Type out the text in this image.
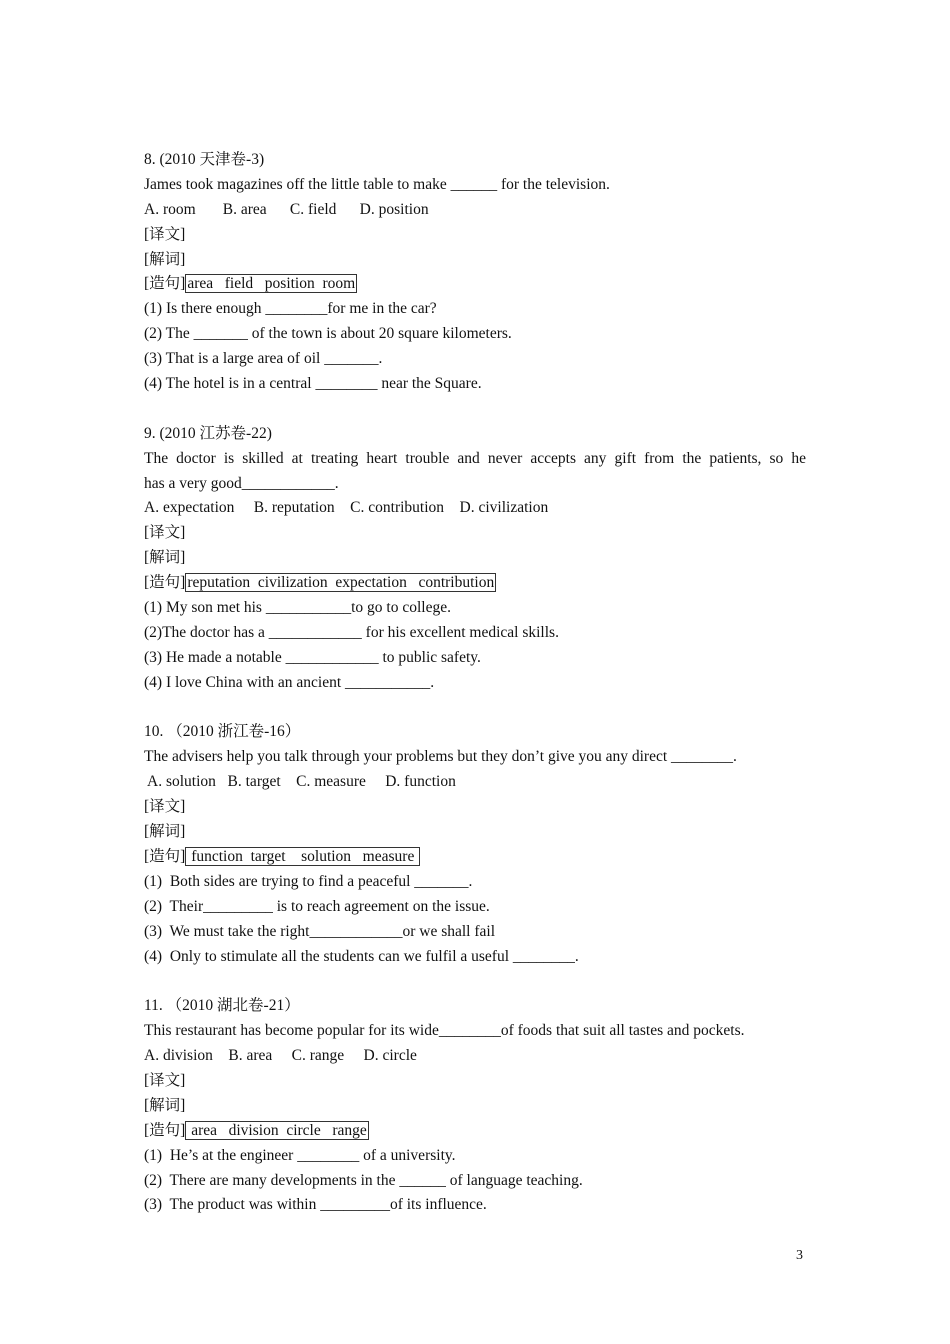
8. (2010 天津卷-3)
James took magazines off the little table to make ______ for the television.
A. room       B. area      C. field      D. position
[译文]
[解词]
[造句] area   field   position  room
(1) Is there enough ________for me in the car?
(2) The _______ of the town is about 20 square kilometers.
(3) That is a large area of oil _______.
(4) The hotel is in a central ________ near the Square.
9. (2010 江苏卷-22)
The doctor is skilled at treating heart trouble and never accepts any gift from the patients, so he
has a very good____________.
A. expectation     B. reputation    C. contribution    D. civilization
[译文]
[解词]
[造句] reputation  civilization  expectation   contribution
(1) My son met his ___________to go to college.
(2)The doctor has a ____________ for his excellent medical skills.
(3) He made a notable ____________ to public safety.
(4) I love China with an ancient ___________.
10. （2010 浙江卷-16）
The advisers help you talk through your problems but they don’t give you any direct ________.
A. solution   B. target    C. measure     D. function
[译文]
[解词]
[造句] function  target    solution   measure
(1)  Both sides are trying to find a peaceful _______.
(2)  Their_________ is to reach agreement on the issue.
(3)  We must take the right____________or we shall fail
(4)  Only to stimulate all the students can we fulfil a useful ________.
11. （2010 湖北卷-21）
This restaurant has become popular for its wide________of foods that suit all tastes and pockets.
A. division    B. area     C. range     D. circle
[译文]
[解词]
[造句] area   division  circle   range
(1)  He’s at the engineer ________ of a university.
(2)  There are many developments in the ______ of language teaching.
(3)  The product was within _________of its influence.
3
